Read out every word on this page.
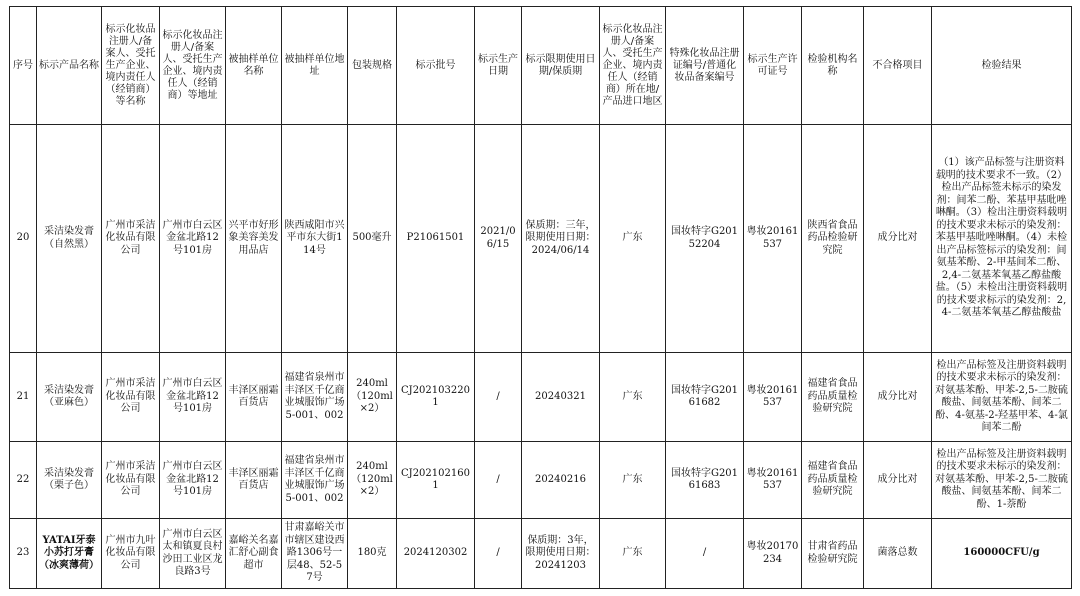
序号	标示产品名称	标示化妆品注册人/备案人、受托生产企业、境内责任人（经销商）等名称	标示化妆品注册人/备案人、受托生产企业、境内责任人（经销商）等地址	被抽样单位名称	被抽样单位地址	包装规格	标示批号	标示生产日期	标示限期使用日期/保质期	标示化妆品注册人/备案人、受托生产企业、境内责任人（经销商）所在地/产品进口地区	特殊化妆品注册证编号/普通化妆品备案编号	标示生产许可证号	检验机构名称	不合格项目	检验结果
20	采洁染发膏（自然黑）	广州市采洁化妆品有限公司	广州市白云区金盆北路12号101房	兴平市好形象美容美发用品店	陕西咸阳市兴平市东大街114号	500毫升	P21061501	2021/06/15	保质期：三年，限期使用日期：2024/06/14	广东	国妆特字G20152204	粤妆20161537	陕西省食品药品检验研究院	成分比对	（1）该产品标签与注册资料载明的技术要求不一致。（2）检出产品标签未标示的染发剂：间苯二酚、苯基甲基吡唑啉酮。（3）检出注册资料载明的技术要求未标示的染发剂：苯基甲基吡唑啉酮。（4）未检出产品标签标示的染发剂：间氨基苯酚、2-甲基间苯二酚、2,4-二氨基苯氧基乙醇盐酸盐。（5）未检出注册资料载明的技术要求标示的染发剂：2,4-二氨基苯氧基乙醇盐酸盐
21	采洁染发膏（亚麻色）	广州市采洁化妆品有限公司	广州市白云区金盆北路12号101房	丰泽区丽霜百货店	福建省泉州市丰泽区千亿商业城服饰广场5-001、002	240ml（120ml×2）	CJ2021032201	/	20240321	广东	国妆特字G20161682	粤妆20161537	福建省食品药品质量检验研究院	成分比对	检出产品标签及注册资料载明的技术要求未标示的染发剂：对氨基苯酚、甲苯-2,5-二胺硫酸盐、间氨基苯酚、间苯二酚、4-氨基-2-羟基甲苯、4-氯间苯二酚
22	采洁染发膏（栗子色）	广州市采洁化妆品有限公司	广州市白云区金盆北路12号101房	丰泽区丽霜百货店	福建省泉州市丰泽区千亿商业城服饰广场5-001、002	240ml（120ml×2）	CJ2021021601	/	20240216	广东	国妆特字G20161683	粤妆20161537	福建省食品药品质量检验研究院	成分比对	检出产品标签及注册资料载明的技术要求未标示的染发剂：对氨基苯酚、甲苯-2,5-二胺硫酸盐、间氨基苯酚、间苯二酚、1-萘酚
23	YATAI牙泰小苏打牙膏（冰爽薄荷）	广州市九叶化妆品有限公司	广州市白云区太和镇夏良村沙田工业区龙良路3号	嘉峪关名嘉汇舒心副食超市	甘肃嘉峪关市市辖区建设西路1306号一层48、52-57号	180克	2024120302	/	保质期：3年，限期使用日期：20241203	广东	/	粤妆20170234	甘肃省药品检验研究院	菌落总数	160000CFU/g
